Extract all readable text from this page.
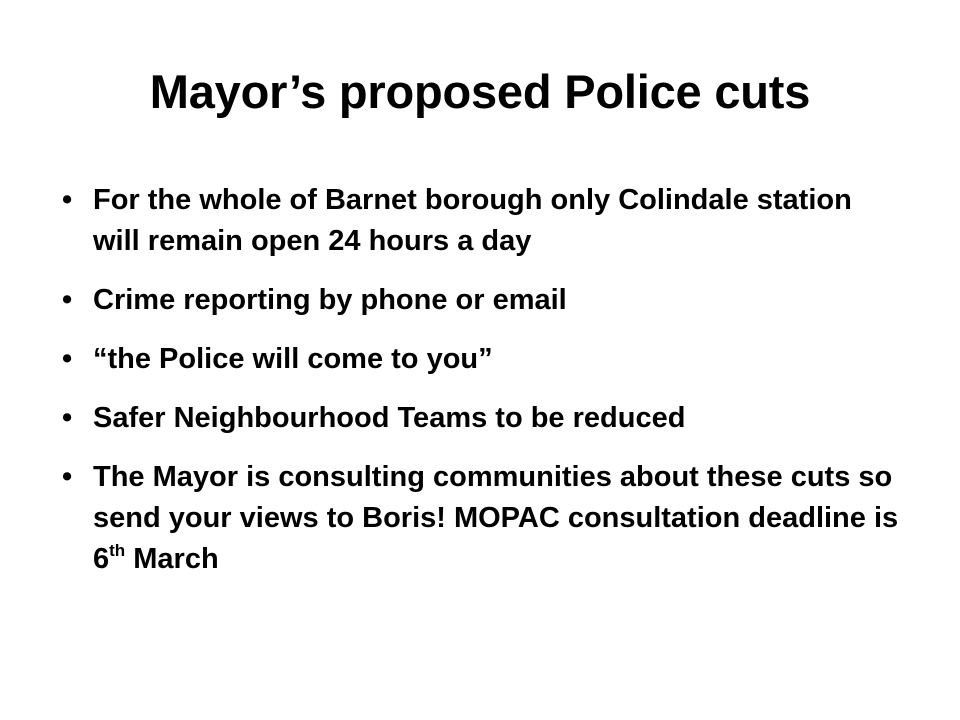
Mayor’s proposed Police cuts
• For the whole of Barnet borough only Colindale station will remain open 24 hours a day
• Crime reporting by phone or email
• “the Police will come to you”
• Safer Neighbourhood Teams to be reduced
• The Mayor is consulting communities about these cuts so send your views to Boris! MOPAC consultation deadline is 6th March
